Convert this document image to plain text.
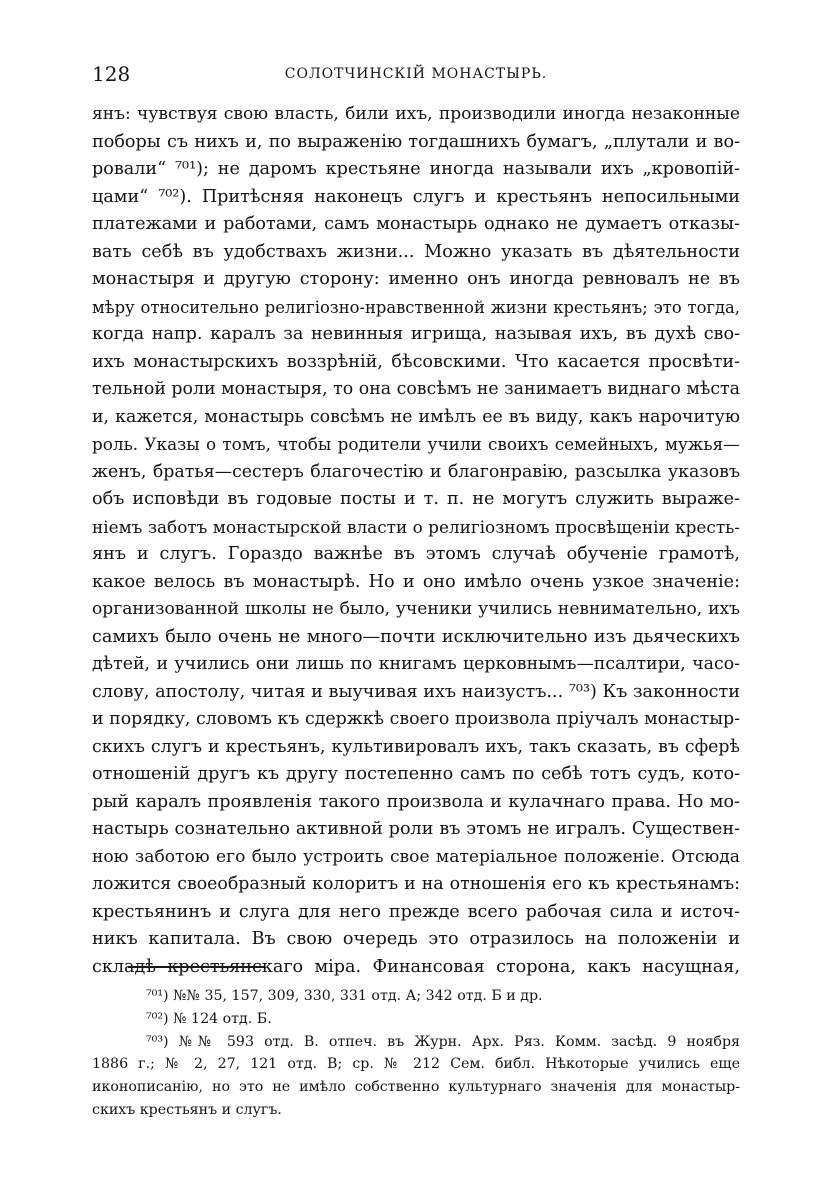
128	СОЛОТЧИНСКІЙ МОНАСТЫРЬ.
янъ: чувствуя свою власть, били ихъ, производили иногда незаконные
поборы съ нихъ и, по выраженію тогдашнихъ бумагъ, „плутали и во-
ровали“ ⁷⁰¹); не даромъ крестьяне иногда называли ихъ „кровопій-
цами“ ⁷⁰²). Притѣсняя наконецъ слугъ и крестьянъ непосильными
платежами и работами, самъ монастырь однако не думаетъ отказы-
вать себѣ въ удобствахъ жизни... Можно указать въ дѣятельности
монастыря и другую сторону: именно онъ иногда ревновалъ не въ
мѣру относительно религіозно-нравственной жизни крестьянъ; это тогда,
когда напр. каралъ за невинныя игрища, называя ихъ, въ духѣ сво-
ихъ монастырскихъ воззрѣній, бѣсовскими. Что касается просвѣти-
тельной роли монастыря, то она совсѣмъ не занимаетъ виднаго мѣста
и, кажется, монастырь совсѣмъ не имѣлъ ее въ виду, какъ нарочитую
роль. Указы о томъ, чтобы родители учили своихъ семейныхъ, мужья—
женъ, братья—сестеръ благочестію и благонравію, разсылка указовъ
объ исповѣди въ годовые посты и т. п. не могутъ служить выраже-
ніемъ заботъ монастырской власти о религіозномъ просвѣщеніи кресть-
янъ и слугъ. Гораздо важнѣе въ этомъ случаѣ обученіе грамотѣ,
какое велось въ монастырѣ. Но и оно имѣло очень узкое значеніе:
организованной школы не было, ученики учились невнимательно, ихъ
самихъ было очень не много—почти исключительно изъ дьяческихъ
дѣтей, и учились они лишь по книгамъ церковнымъ—псалтири, часо-
слову, апостолу, читая и выучивая ихъ наизустъ... ⁷⁰³) Къ законности
и порядку, словомъ къ сдержкѣ своего произвола пріучалъ монастыр-
скихъ слугъ и крестьянъ, культивировалъ ихъ, такъ сказать, въ сферѣ
отношеній другъ къ другу постепенно самъ по себѣ тотъ судъ, кото-
рый каралъ проявленія такого произвола и кулачнаго права. Но мо-
настырь сознательно активной роли въ этомъ не игралъ. Существен-
ною заботою его было устроить свое матеріальное положеніе. Отсюда
ложится своеобразный колоритъ и на отношенія его къ крестьянамъ:
крестьянинъ и слуга для него прежде всего рабочая сила и источ-
никъ капитала. Въ свою очередь это отразилось на положеніи и
складѣ крестьянскаго міра. Финансовая сторона, какъ насущная,
⁷⁰¹) №№ 35, 157, 309, 330, 331 отд. А; 342 отд. Б и др.
⁷⁰²) № 124 отд. Б.
⁷⁰³) №№ 593 отд. В. отпеч. въ Журн. Арх. Ряз. Комм. засѣд. 9 ноября
1886 г.; № 2, 27, 121 отд. В; ср. № 212 Сем. библ. Нѣкоторые учились еще
иконописанію, но это не имѣло собственно культурнаго значенія для монастыр-
скихъ крестьянъ и слугъ.
